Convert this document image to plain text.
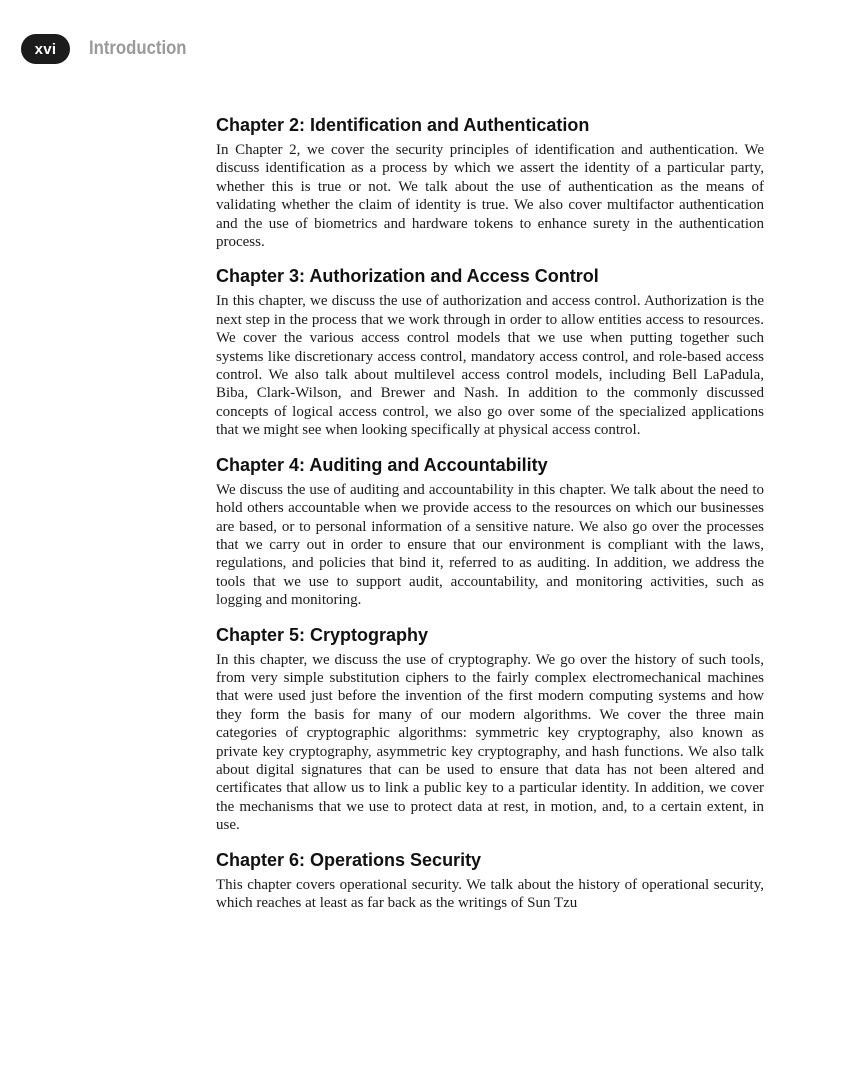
xvi	Introduction
Chapter 2: Identification and Authentication

In Chapter 2, we cover the security principles of identification and authentication. We discuss identification as a process by which we assert the identity of a particular party, whether this is true or not. We talk about the use of authentication as the means of validating whether the claim of identity is true. We also cover multifactor authentication and the use of biometrics and hardware tokens to enhance surety in the authentication process.

Chapter 3: Authorization and Access Control

In this chapter, we discuss the use of authorization and access control. Authorization is the next step in the process that we work through in order to allow entities access to resources. We cover the various access control models that we use when putting together such systems like discretionary access control, mandatory access control, and role-based access control. We also talk about multilevel access control models, including Bell LaPadula, Biba, Clark-Wilson, and Brewer and Nash. In addition to the commonly discussed concepts of logical access control, we also go over some of the specialized applications that we might see when looking specifically at physical access control.

Chapter 4: Auditing and Accountability

We discuss the use of auditing and accountability in this chapter. We talk about the need to hold others accountable when we provide access to the resources on which our businesses are based, or to personal information of a sensitive nature. We also go over the processes that we carry out in order to ensure that our environment is compliant with the laws, regulations, and policies that bind it, referred to as auditing. In addition, we address the tools that we use to support audit, accountability, and monitoring activities, such as logging and monitoring.

Chapter 5: Cryptography

In this chapter, we discuss the use of cryptography. We go over the history of such tools, from very simple substitution ciphers to the fairly complex electromechanical machines that were used just before the invention of the first modern computing systems and how they form the basis for many of our modern algorithms. We cover the three main categories of cryptographic algorithms: symmetric key cryptography, also known as private key cryptography, asymmetric key cryptography, and hash functions. We also talk about digital signatures that can be used to ensure that data has not been altered and certificates that allow us to link a public key to a particular identity. In addition, we cover the mechanisms that we use to protect data at rest, in motion, and, to a certain extent, in use.

Chapter 6: Operations Security

This chapter covers operational security. We talk about the history of operational security, which reaches at least as far back as the writings of Sun Tzu
